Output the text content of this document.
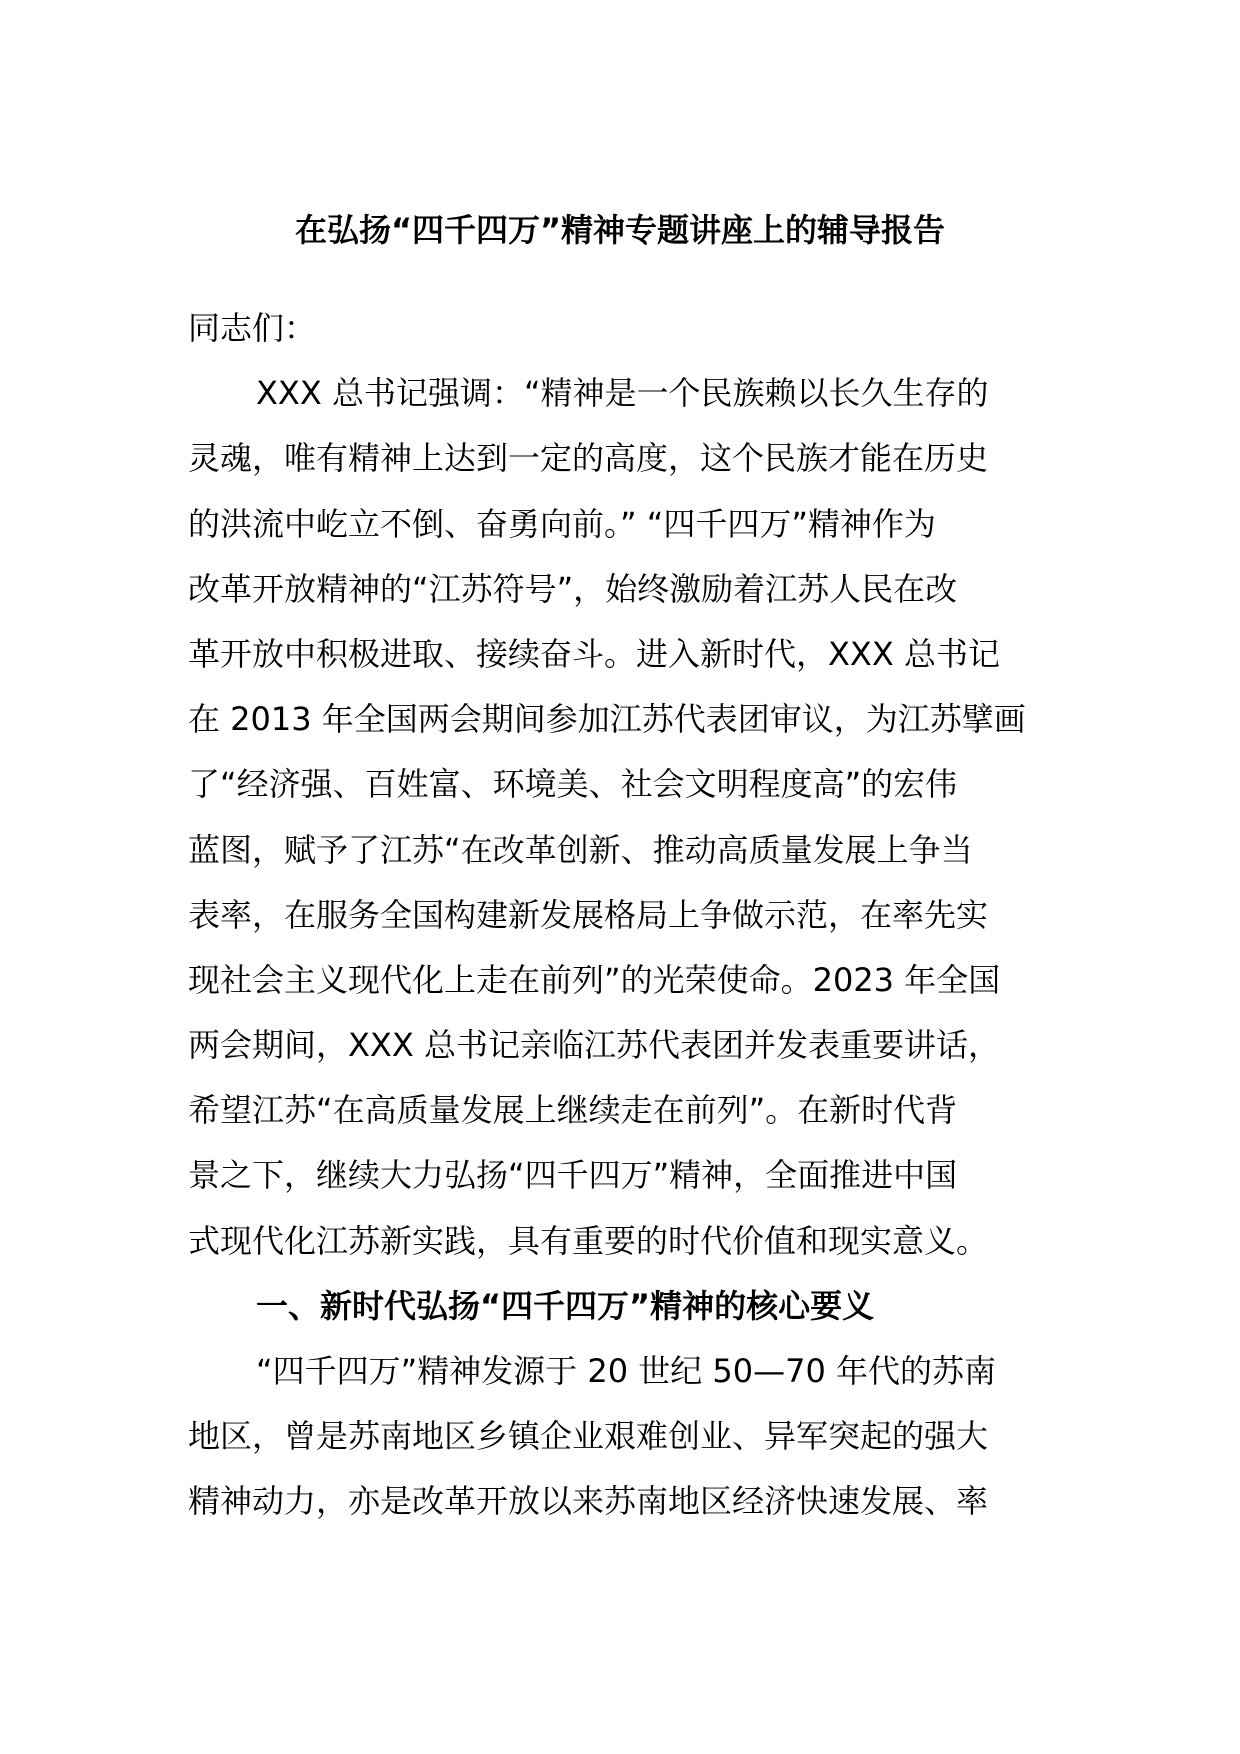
在弘扬“四千四万”精神专题讲座上的辅导报告
同志们：
XXX 总书记强调：“精神是一个民族赖以长久生存的
灵魂，唯有精神上达到一定的高度，这个民族才能在历史
的洪流中屹立不倒、奋勇向前。” “四千四万”精神作为
改革开放精神的“江苏符号”，始终激励着江苏人民在改
革开放中积极进取、接续奋斗。进入新时代，XXX 总书记
在 2013 年全国两会期间参加江苏代表团审议，为江苏擘画
了“经济强、百姓富、环境美、社会文明程度高”的宏伟
蓝图，赋予了江苏“在改革创新、推动高质量发展上争当
表率，在服务全国构建新发展格局上争做示范，在率先实
现社会主义现代化上走在前列”的光荣使命。2023 年全国
两会期间，XXX 总书记亲临江苏代表团并发表重要讲话，
希望江苏“在高质量发展上继续走在前列”。在新时代背
景之下，继续大力弘扬“四千四万”精神，全面推进中国
式现代化江苏新实践，具有重要的时代价值和现实意义。
一、新时代弘扬“四千四万”精神的核心要义
“四千四万”精神发源于 20 世纪 50—70 年代的苏南
地区，曾是苏南地区乡镇企业艰难创业、异军突起的强大
精神动力，亦是改革开放以来苏南地区经济快速发展、率
